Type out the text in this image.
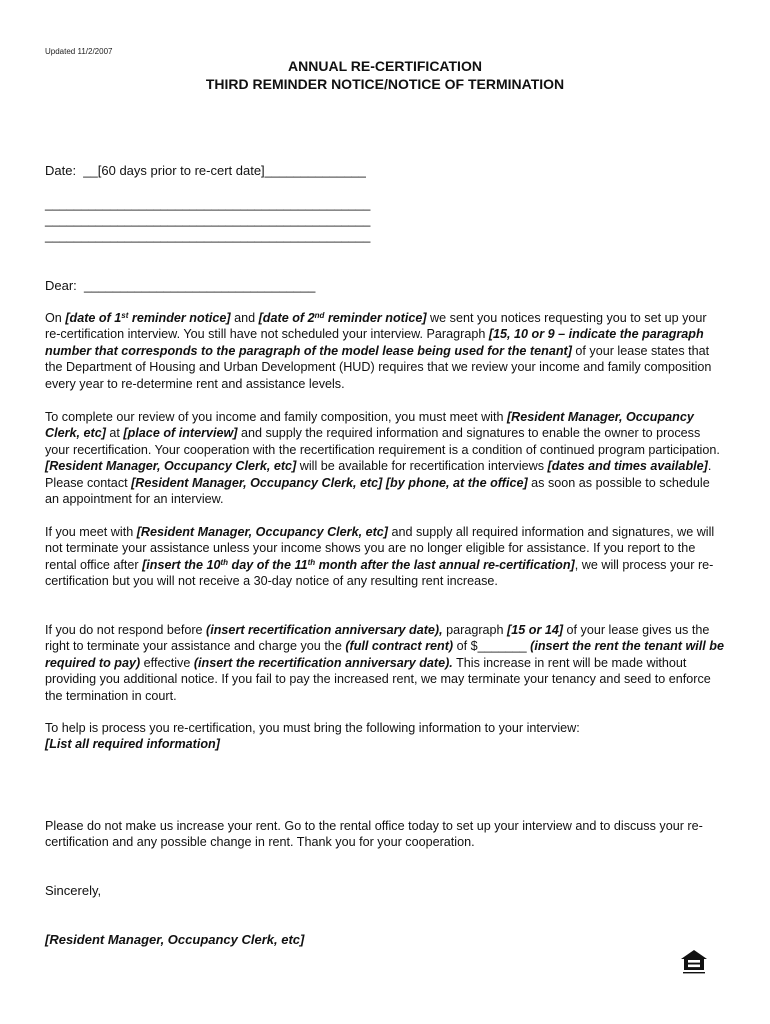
Updated 11/2/2007
ANNUAL RE-CERTIFICATION
THIRD REMINDER NOTICE/NOTICE OF TERMINATION
Date:  __[60 days prior to re-cert date]______________
_____________________________________________
_____________________________________________
_____________________________________________
Dear:  ________________________________
On [date of 1st reminder notice] and [date of 2nd reminder notice] we sent you notices requesting you to set up your re-certification interview. You still have not scheduled your interview. Paragraph [15, 10 or 9 – indicate the paragraph number that corresponds to the paragraph of the model lease being used for the tenant] of your lease states that the Department of Housing and Urban Development (HUD) requires that we review your income and family composition every year to re-determine rent and assistance levels.
To complete our review of you income and family composition, you must meet with [Resident Manager, Occupancy Clerk, etc] at [place of interview] and supply the required information and signatures to enable the owner to process your recertification. Your cooperation with the recertification requirement is a condition of continued program participation. [Resident Manager, Occupancy Clerk, etc] will be available for recertification interviews [dates and times available]. Please contact [Resident Manager, Occupancy Clerk, etc] [by phone, at the office] as soon as possible to schedule an appointment for an interview.
If you meet with [Resident Manager, Occupancy Clerk, etc] and supply all required information and signatures, we will not terminate your assistance unless your income shows you are no longer eligible for assistance. If you report to the rental office after [insert the 10th day of the 11th month after the last annual re-certification], we will process your re-certification but you will not receive a 30-day notice of any resulting rent increase.
If you do not respond before (insert recertification anniversary date), paragraph [15 or 14] of your lease gives us the right to terminate your assistance and charge you the (full contract rent) of $_______ (insert the rent the tenant will be required to pay) effective (insert the recertification anniversary date). This increase in rent will be made without providing you additional notice. If you fail to pay the increased rent, we may terminate your tenancy and seed to enforce the termination in court.
To help is process you re-certification, you must bring the following information to your interview:
[List all required information]
Please do not make us increase your rent. Go to the rental office today to set up your interview and to discuss your re-certification and any possible change in rent. Thank you for your cooperation.
Sincerely,
[Resident Manager, Occupancy Clerk, etc]
